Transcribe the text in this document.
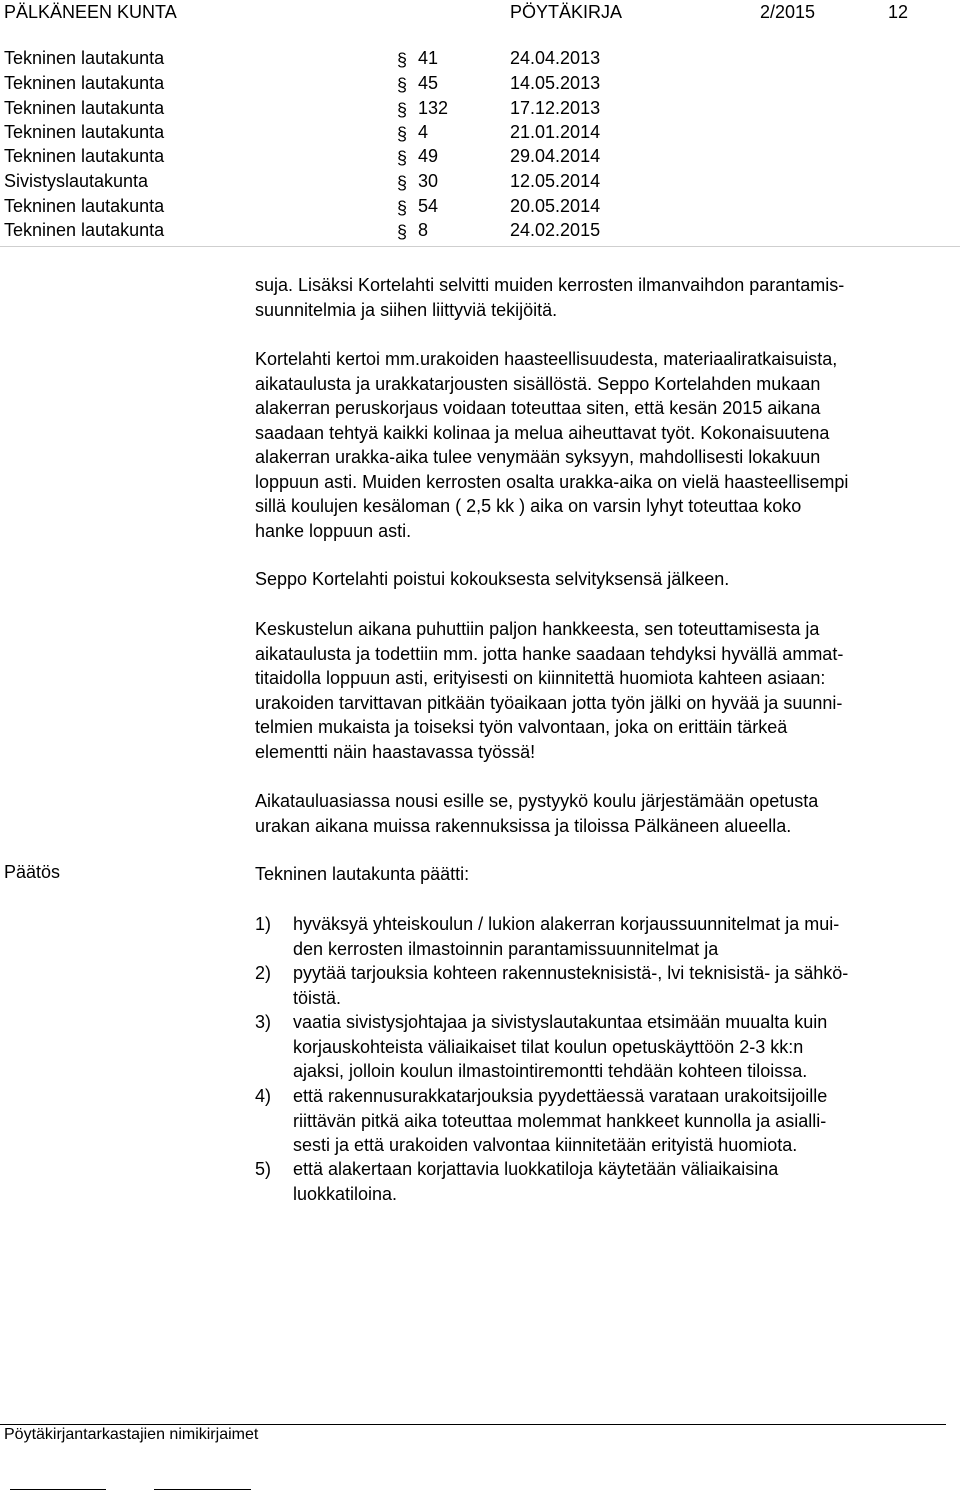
PÄLKÄNEEN KUNTA	PÖYTÄKIRJA	2/2015	12
Tekninen lautakunta	§ 41	24.04.2013
Tekninen lautakunta	§ 45	14.05.2013
Tekninen lautakunta	§ 132	17.12.2013
Tekninen lautakunta	§ 4	21.01.2014
Tekninen lautakunta	§ 49	29.04.2014
Sivistyslautakunta	§ 30	12.05.2014
Tekninen lautakunta	§ 54	20.05.2014
Tekninen lautakunta	§ 8	24.02.2015
suja. Lisäksi Kortelahti selvitti muiden kerrosten ilmanvaihdon parantamis-
suunnitelmia ja siihen liittyviä tekijöitä.
Kortelahti kertoi mm.urakoiden haasteellisuudesta, materiaaliratkaisuista,
aikataulusta ja urakkatarjousten sisällöstä. Seppo Kortelahden mukaan
alakerran peruskorjaus voidaan toteuttaa siten, että kesän 2015 aikana
saadaan tehtyä kaikki kolinaa ja melua aiheuttavat työt. Kokonaisuutena
alakerran urakka-aika tulee venymään syksyyn, mahdollisesti lokakuun
loppuun asti. Muiden kerrosten osalta urakka-aika on vielä haasteellisempi
sillä koulujen kesäloman ( 2,5 kk ) aika on varsin lyhyt toteuttaa koko
hanke loppuun asti.
Seppo Kortelahti poistui kokouksesta selvityksensä jälkeen.
Keskustelun aikana puhuttiin paljon hankkeesta, sen toteuttamisesta ja
aikataulusta ja todettiin mm. jotta hanke saadaan tehdyksi hyvällä ammat-
titaidolla loppuun asti, erityisesti on kiinnitettä huomiota kahteen asiaan:
urakoiden tarvittavan pitkään työaikaan jotta työn jälki on hyvää ja suunni-
telmien mukaista ja toiseksi työn valvontaan, joka on erittäin tärkeä
elementti näin haastavassa työssä!
Aikatauluasiassa nousi esille se, pystyykö koulu järjestämään opetusta
urakan aikana muissa rakennuksissa ja tiloissa Pälkäneen alueella.
Päätös	Tekninen lautakunta päätti:
1) hyväksyä yhteiskoulun / lukion alakerran korjaussuunnitelmat ja mui-
den kerrosten ilmastoinnin parantamissuunnitelmat ja
2) pyytää tarjouksia kohteen rakennusteknisistä-, lvi teknisistä- ja sähkö-
töistä.
3) vaatia sivistysjohtajaa ja sivistyslautakuntaa etsimään muualta kuin
korjauskohteista väliaikaiset tilat koulun opetuskäyttöön 2-3 kk:n
ajaksi, jolloin koulun ilmastointiremontti tehdään kohteen tiloissa.
4) että rakennusurakkatarjouksia pyydettäessä varataan urakoitsijoille
riittävän pitkä aika toteuttaa molemmat hankkeet kunnolla ja asialli-
sesti ja että urakoiden valvontaa kiinnitetään erityistä huomiota.
5) että alakertaan korjattavia luokkatiloja käytetään väliaikaisina
luokkatiloina.
Pöytäkirjantarkastajien nimikirjaimet
